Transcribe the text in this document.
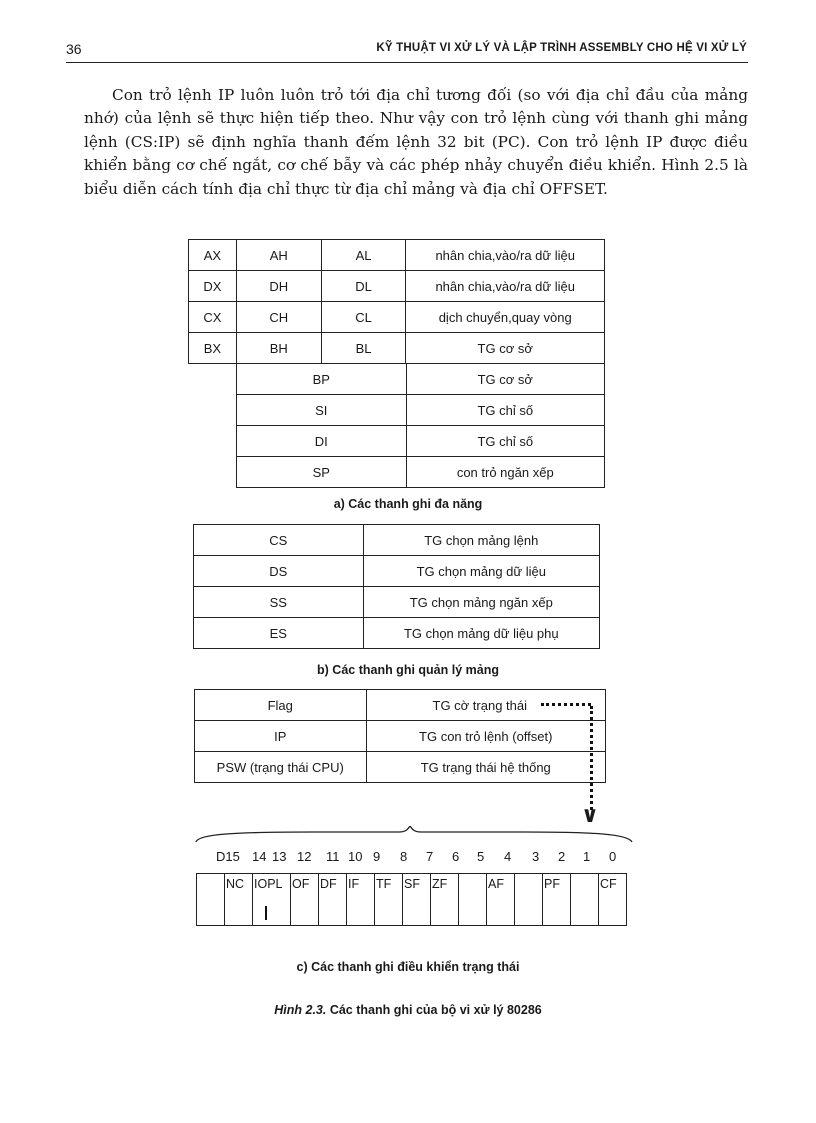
36	KỸ THUẬT VI XỬ LÝ VÀ LẬP TRÌNH ASSEMBLY CHO HỆ VI XỬ LÝ

Con trỏ lệnh IP luôn luôn trỏ tới địa chỉ tương đối (so với địa chỉ đầu của mảng nhớ) của lệnh sẽ thực hiện tiếp theo. Như vậy con trỏ lệnh cùng với thanh ghi mảng lệnh (CS:IP) sẽ định nghĩa thanh đếm lệnh 32 bit (PC). Con trỏ lệnh IP được điều khiển bằng cơ chế ngắt, cơ chế bẫy và các phép nhảy chuyển điều khiển. Hình 2.5 là biểu diễn cách tính địa chỉ thực từ địa chỉ mảng và địa chỉ OFFSET.

AX	AH	AL	nhân chia,vào/ra dữ liệu
DX	DH	DL	nhân chia,vào/ra dữ liệu
CX	CH	CL	dịch chuyển,quay vòng
BX	BH	BL	TG cơ sở
BP	TG cơ sở
SI	TG chỉ số
DI	TG chỉ số
SP	con trỏ ngăn xếp
a) Các thanh ghi đa năng
CS	TG chọn mảng lệnh
DS	TG chọn mảng dữ liệu
SS	TG chọn mảng ngăn xếp
ES	TG chọn mảng dữ liệu phụ
b) Các thanh ghi quản lý mảng
Flag	TG cờ trạng thái
IP	TG con trỏ lệnh (offset)
PSW (trạng thái CPU)	TG trạng thái hệ thống
∨
D15 14 13 12 11 10 9 8 7 6 5 4 3 2 1 0
	NC	IOPL	OF	DF	IF	TF	SF	ZF		AF		PF		CF
c) Các thanh ghi điều khiển trạng thái
Hình 2.3. Các thanh ghi của bộ vi xử lý 80286
